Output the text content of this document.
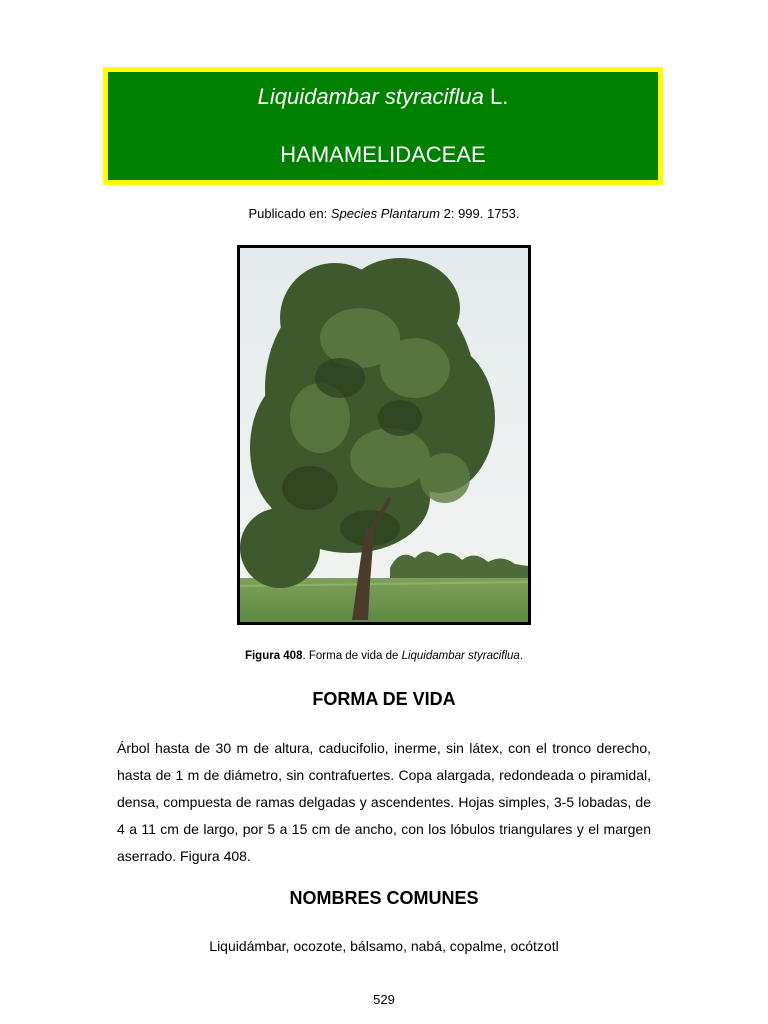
Liquidambar styraciflua L.
HAMAMELIDACEAE
Publicado en: Species Plantarum 2: 999. 1753.
Figura 408. Forma de vida de Liquidambar styraciflua.
FORMA DE VIDA

Árbol hasta de 30 m de altura, caducifolio, inerme, sin látex, con el tronco derecho, hasta de 1 m de diámetro, sin contrafuertes. Copa alargada, redondeada o piramidal, densa, compuesta de ramas delgadas y ascendentes. Hojas simples, 3-5 lobadas, de 4 a 11 cm de largo, por 5 a 15 cm de ancho, con los lóbulos triangulares y el margen aserrado. Figura 408.

NOMBRES COMUNES
Liquidámbar, ocozote, bálsamo, nabá, copalme, ocótzotl
529
